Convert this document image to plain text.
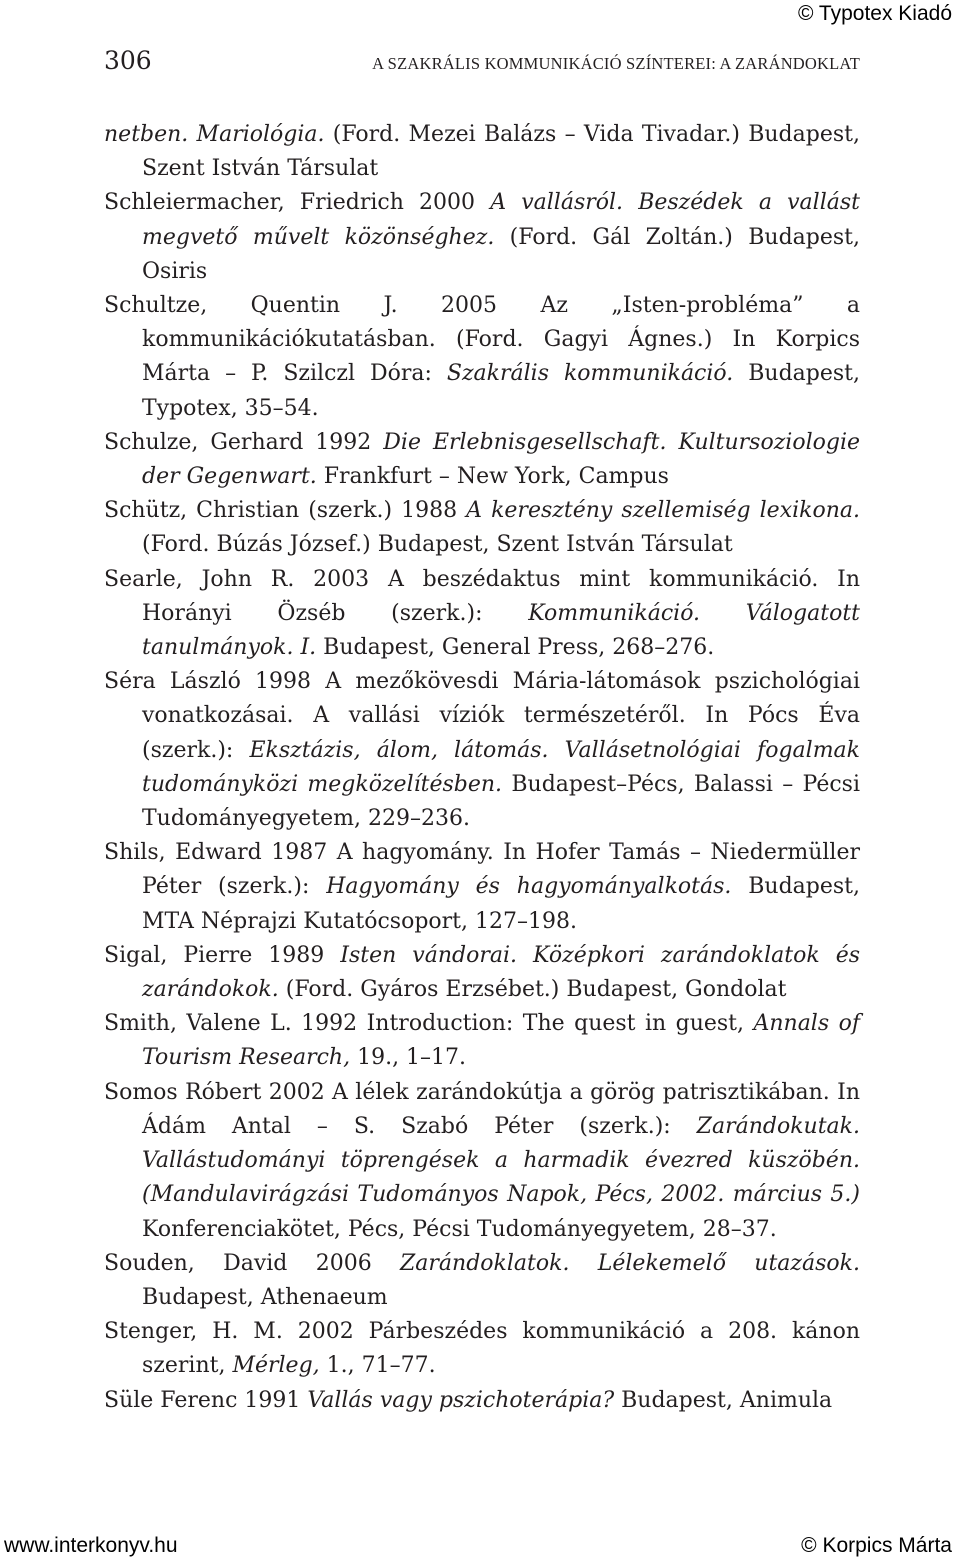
© Typotex Kiadó
306	A SZAKRÁLIS KOMMUNIKÁCIÓ SZÍNTEREI: A ZARÁNDOKLAT
netben. Mariológia. (Ford. Mezei Balázs – Vida Tivadar.) Budapest, Szent István Társulat
Schleiermacher, Friedrich 2000 A vallásról. Beszédek a vallást megvető művelt közönséghez. (Ford. Gál Zoltán.) Budapest, Osiris
Schultze, Quentin J. 2005 Az „Isten-probléma” a kommunikációkutatásban. (Ford. Gagyi Ágnes.) In Korpics Márta – P. Szilczl Dóra: Szakrális kommunikáció. Budapest, Typotex, 35–54.
Schulze, Gerhard 1992 Die Erlebnisgesellschaft. Kultursoziologie der Gegenwart. Frankfurt – New York, Campus
Schütz, Christian (szerk.) 1988 A keresztény szellemiség lexikona. (Ford. Búzás József.) Budapest, Szent István Társulat
Searle, John R. 2003 A beszédaktus mint kommunikáció. In Horányi Özséb (szerk.): Kommunikáció. Válogatott tanulmányok. I. Budapest, General Press, 268–276.
Séra László 1998 A mezőkövesdi Mária-látomások pszichológiai vonatkozásai. A vallási víziók természetéről. In Pócs Éva (szerk.): Eksztázis, álom, látomás. Vallásetnológiai fogalmak tudományközi megközelítésben. Budapest–Pécs, Balassi – Pécsi Tudományegyetem, 229–236.
Shils, Edward 1987 A hagyomány. In Hofer Tamás – Niedermüller Péter (szerk.): Hagyomány és hagyományalkotás. Budapest, MTA Néprajzi Kutatócsoport, 127–198.
Sigal, Pierre 1989 Isten vándorai. Középkori zarándoklatok és zarándokok. (Ford. Gyáros Erzsébet.) Budapest, Gondolat
Smith, Valene L. 1992 Introduction: The quest in guest, Annals of Tourism Research, 19., 1–17.
Somos Róbert 2002 A lélek zarándokútja a görög patrisztikában. In Ádám Antal – S. Szabó Péter (szerk.): Zarándokutak. Vallástudományi töprengések a harmadik évezred küszöbén. (Mandulavirágzási Tudományos Napok, Pécs, 2002. március 5.) Konferenciakötet, Pécs, Pécsi Tudományegyetem, 28–37.
Souden, David 2006 Zarándoklatok. Lélekemelő utazások. Budapest, Athenaeum
Stenger, H. M. 2002 Párbeszédes kommunikáció a 208. kánon szerint, Mérleg, 1., 71–77.
Süle Ferenc 1991 Vallás vagy pszichoterápia? Budapest, Animula
www.interkonyv.hu	© Korpics Márta
